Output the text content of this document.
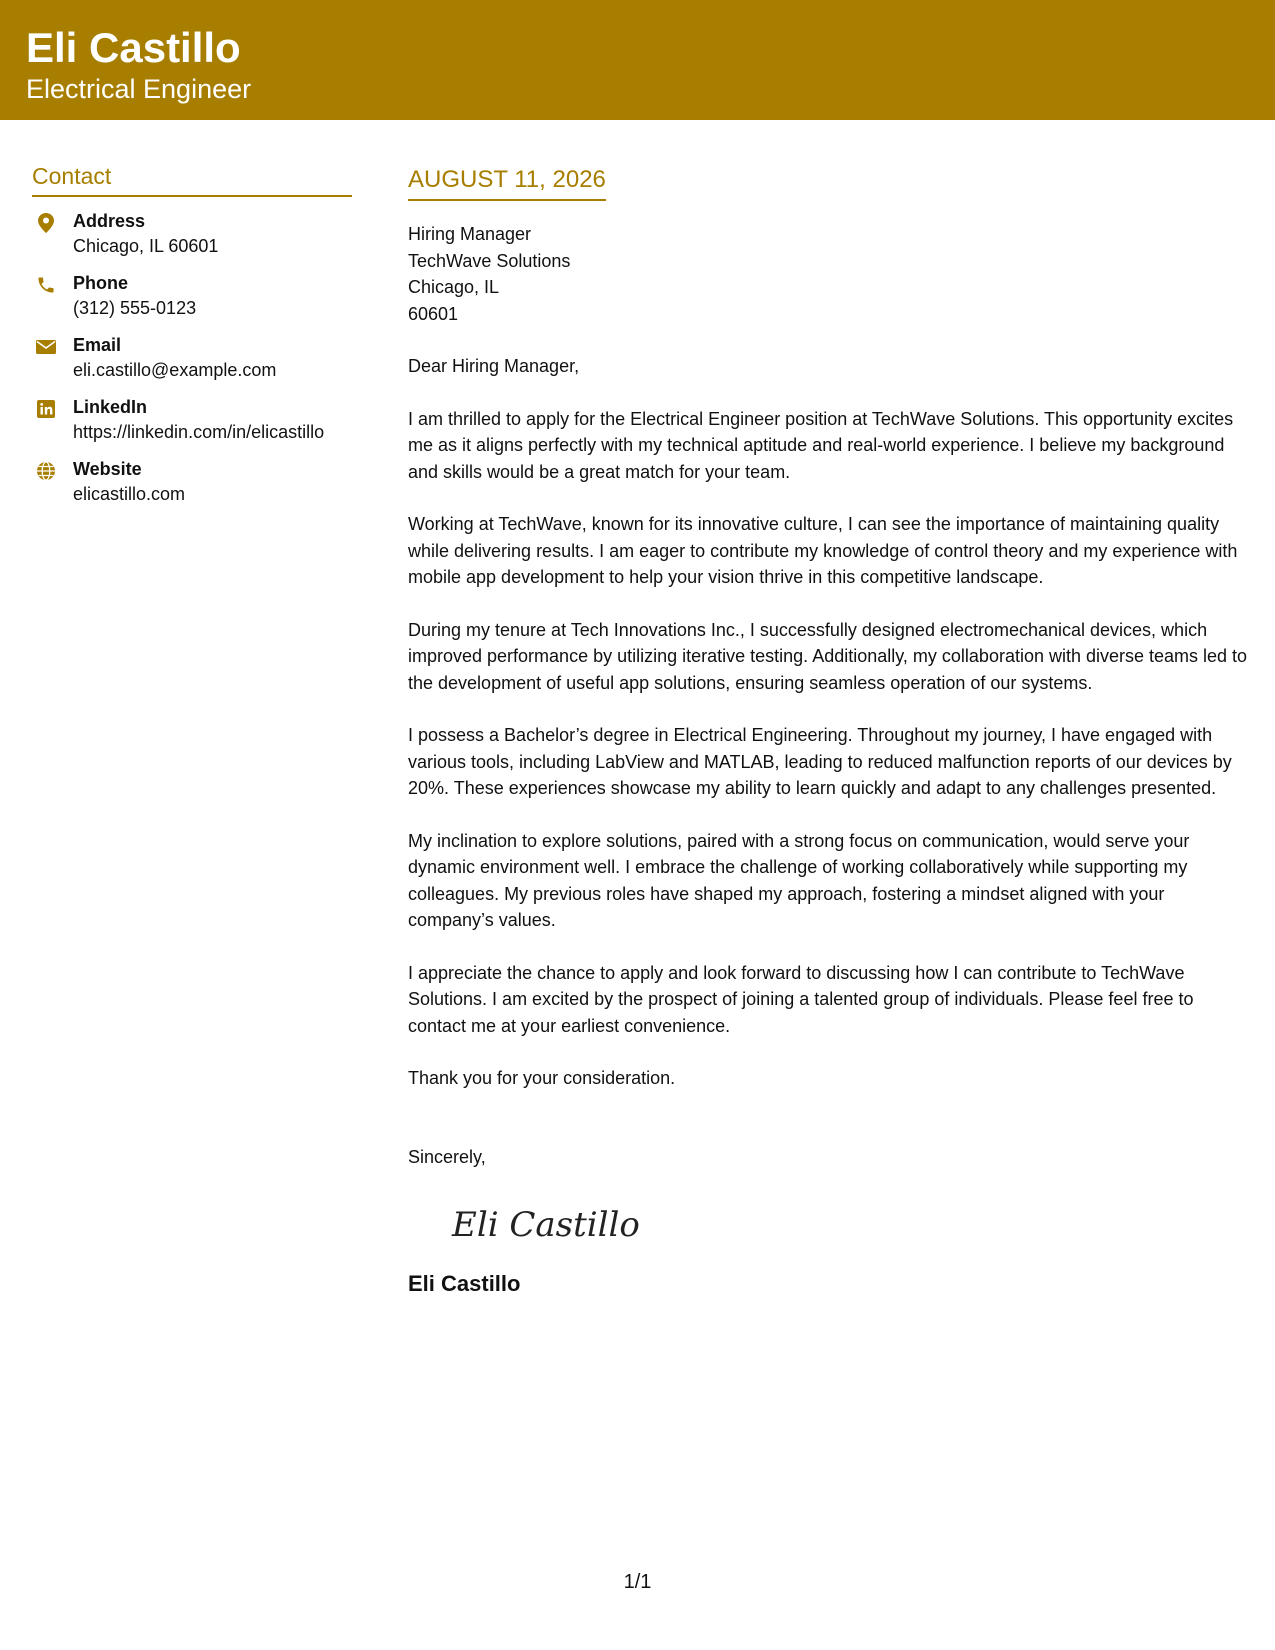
Eli Castillo
Electrical Engineer
Contact
Address
Chicago, IL 60601
Phone
(312) 555-0123
Email
eli.castillo@example.com
LinkedIn
https://linkedin.com/in/elicastillo
Website
elicastillo.com
AUGUST 11, 2026
Hiring Manager
TechWave Solutions
Chicago, IL
60601
Dear Hiring Manager,
I am thrilled to apply for the Electrical Engineer position at TechWave Solutions. This opportunity excites me as it aligns perfectly with my technical aptitude and real-world experience. I believe my background and skills would be a great match for your team.
Working at TechWave, known for its innovative culture, I can see the importance of maintaining quality while delivering results. I am eager to contribute my knowledge of control theory and my experience with mobile app development to help your vision thrive in this competitive landscape.
During my tenure at Tech Innovations Inc., I successfully designed electromechanical devices, which improved performance by utilizing iterative testing. Additionally, my collaboration with diverse teams led to the development of useful app solutions, ensuring seamless operation of our systems.
I possess a Bachelor’s degree in Electrical Engineering. Throughout my journey, I have engaged with various tools, including LabView and MATLAB, leading to reduced malfunction reports of our devices by 20%. These experiences showcase my ability to learn quickly and adapt to any challenges presented.
My inclination to explore solutions, paired with a strong focus on communication, would serve your dynamic environment well. I embrace the challenge of working collaboratively while supporting my colleagues. My previous roles have shaped my approach, fostering a mindset aligned with your company’s values.
I appreciate the chance to apply and look forward to discussing how I can contribute to TechWave Solutions. I am excited by the prospect of joining a talented group of individuals. Please feel free to contact me at your earliest convenience.
Thank you for your consideration.
Sincerely,
Eli Castillo
Eli Castillo
1/1
